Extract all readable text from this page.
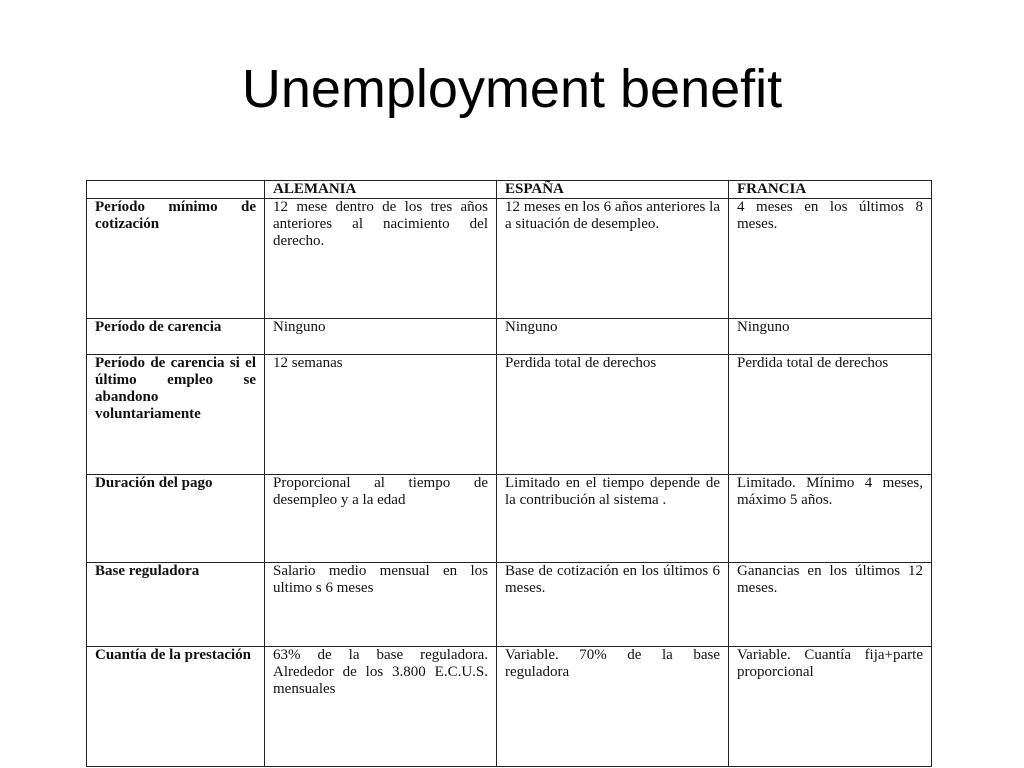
Unemployment benefit
	ALEMANIA	ESPAÑA	FRANCIA
Período mínimo de cotización	12 mese dentro de los tres años anteriores al nacimiento del derecho.	12 meses en los 6 años anteriores la a situación de desempleo.	4 meses en los últimos 8 meses.
Período de carencia	Ninguno	Ninguno	Ninguno
Período de carencia si el último empleo se abandono voluntariamente	12 semanas	Perdida total de derechos	Perdida total de derechos
Duración del pago	Proporcional al tiempo de desempleo y a la edad	Limitado en el tiempo depende de la contribución al sistema .	Limitado. Mínimo 4 meses, máximo 5 años.
Base reguladora	Salario medio mensual en los ultimo s 6 meses	Base de cotización en los últimos 6 meses.	Ganancias en los últimos 12 meses.
Cuantía de la prestación	63% de la base reguladora. Alrededor de los 3.800 E.C.U.S. mensuales	Variable. 70% de la base reguladora	Variable. Cuantía fija+parte proporcional
